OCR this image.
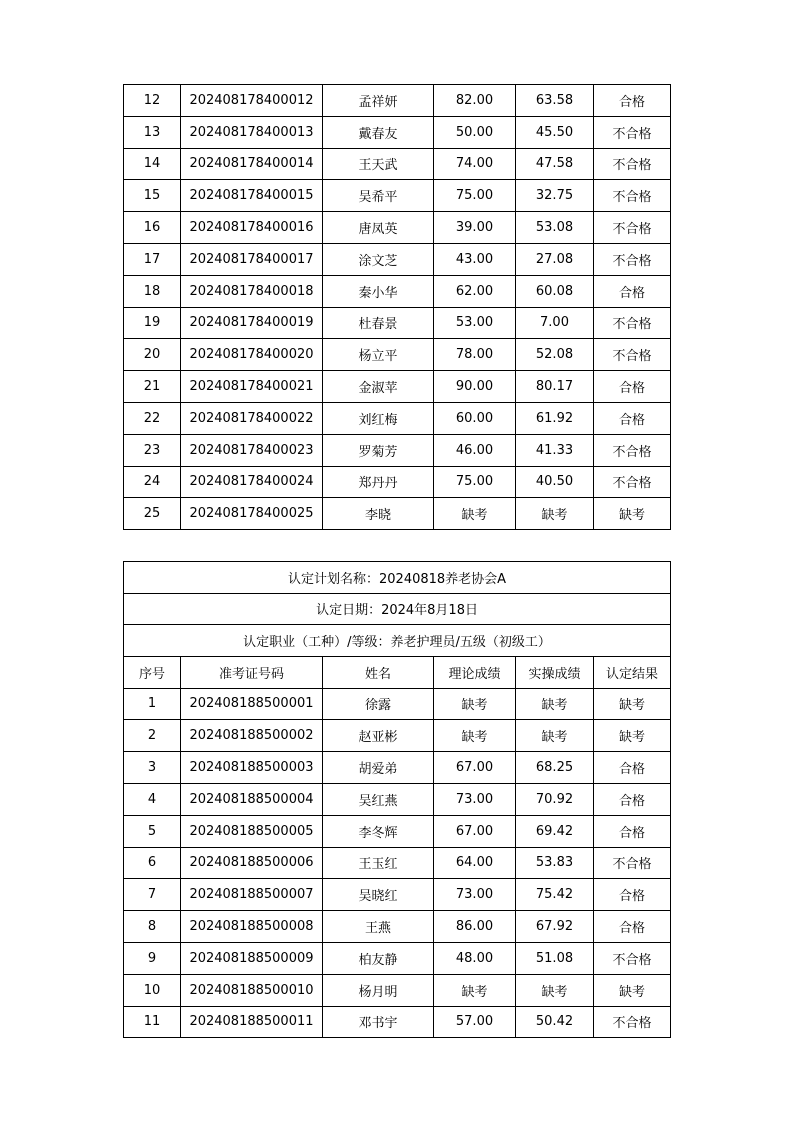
12	202408178400012	孟祥妍	82.00	63.58	合格
13	202408178400013	戴春友	50.00	45.50	不合格
14	202408178400014	王天武	74.00	47.58	不合格
15	202408178400015	吴希平	75.00	32.75	不合格
16	202408178400016	唐凤英	39.00	53.08	不合格
17	202408178400017	涂文芝	43.00	27.08	不合格
18	202408178400018	秦小华	62.00	60.08	合格
19	202408178400019	杜春景	53.00	7.00	不合格
20	202408178400020	杨立平	78.00	52.08	不合格
21	202408178400021	金淑苹	90.00	80.17	合格
22	202408178400022	刘红梅	60.00	61.92	合格
23	202408178400023	罗菊芳	46.00	41.33	不合格
24	202408178400024	郑丹丹	75.00	40.50	不合格
25	202408178400025	李晓	缺考	缺考	缺考
认定计划名称：20240818养老协会A					
认定日期：2024年8月18日					
认定职业（工种）/等级：养老护理员/五级（初级工）					
序号	准考证号码	姓名	理论成绩	实操成绩	认定结果
1	202408188500001	徐露	缺考	缺考	缺考
2	202408188500002	赵亚彬	缺考	缺考	缺考
3	202408188500003	胡爱弟	67.00	68.25	合格
4	202408188500004	吴红燕	73.00	70.92	合格
5	202408188500005	李冬辉	67.00	69.42	合格
6	202408188500006	王玉红	64.00	53.83	不合格
7	202408188500007	吴晓红	73.00	75.42	合格
8	202408188500008	王燕	86.00	67.92	合格
9	202408188500009	柏友静	48.00	51.08	不合格
10	202408188500010	杨月明	缺考	缺考	缺考
11	202408188500011	邓书宇	57.00	50.42	不合格
